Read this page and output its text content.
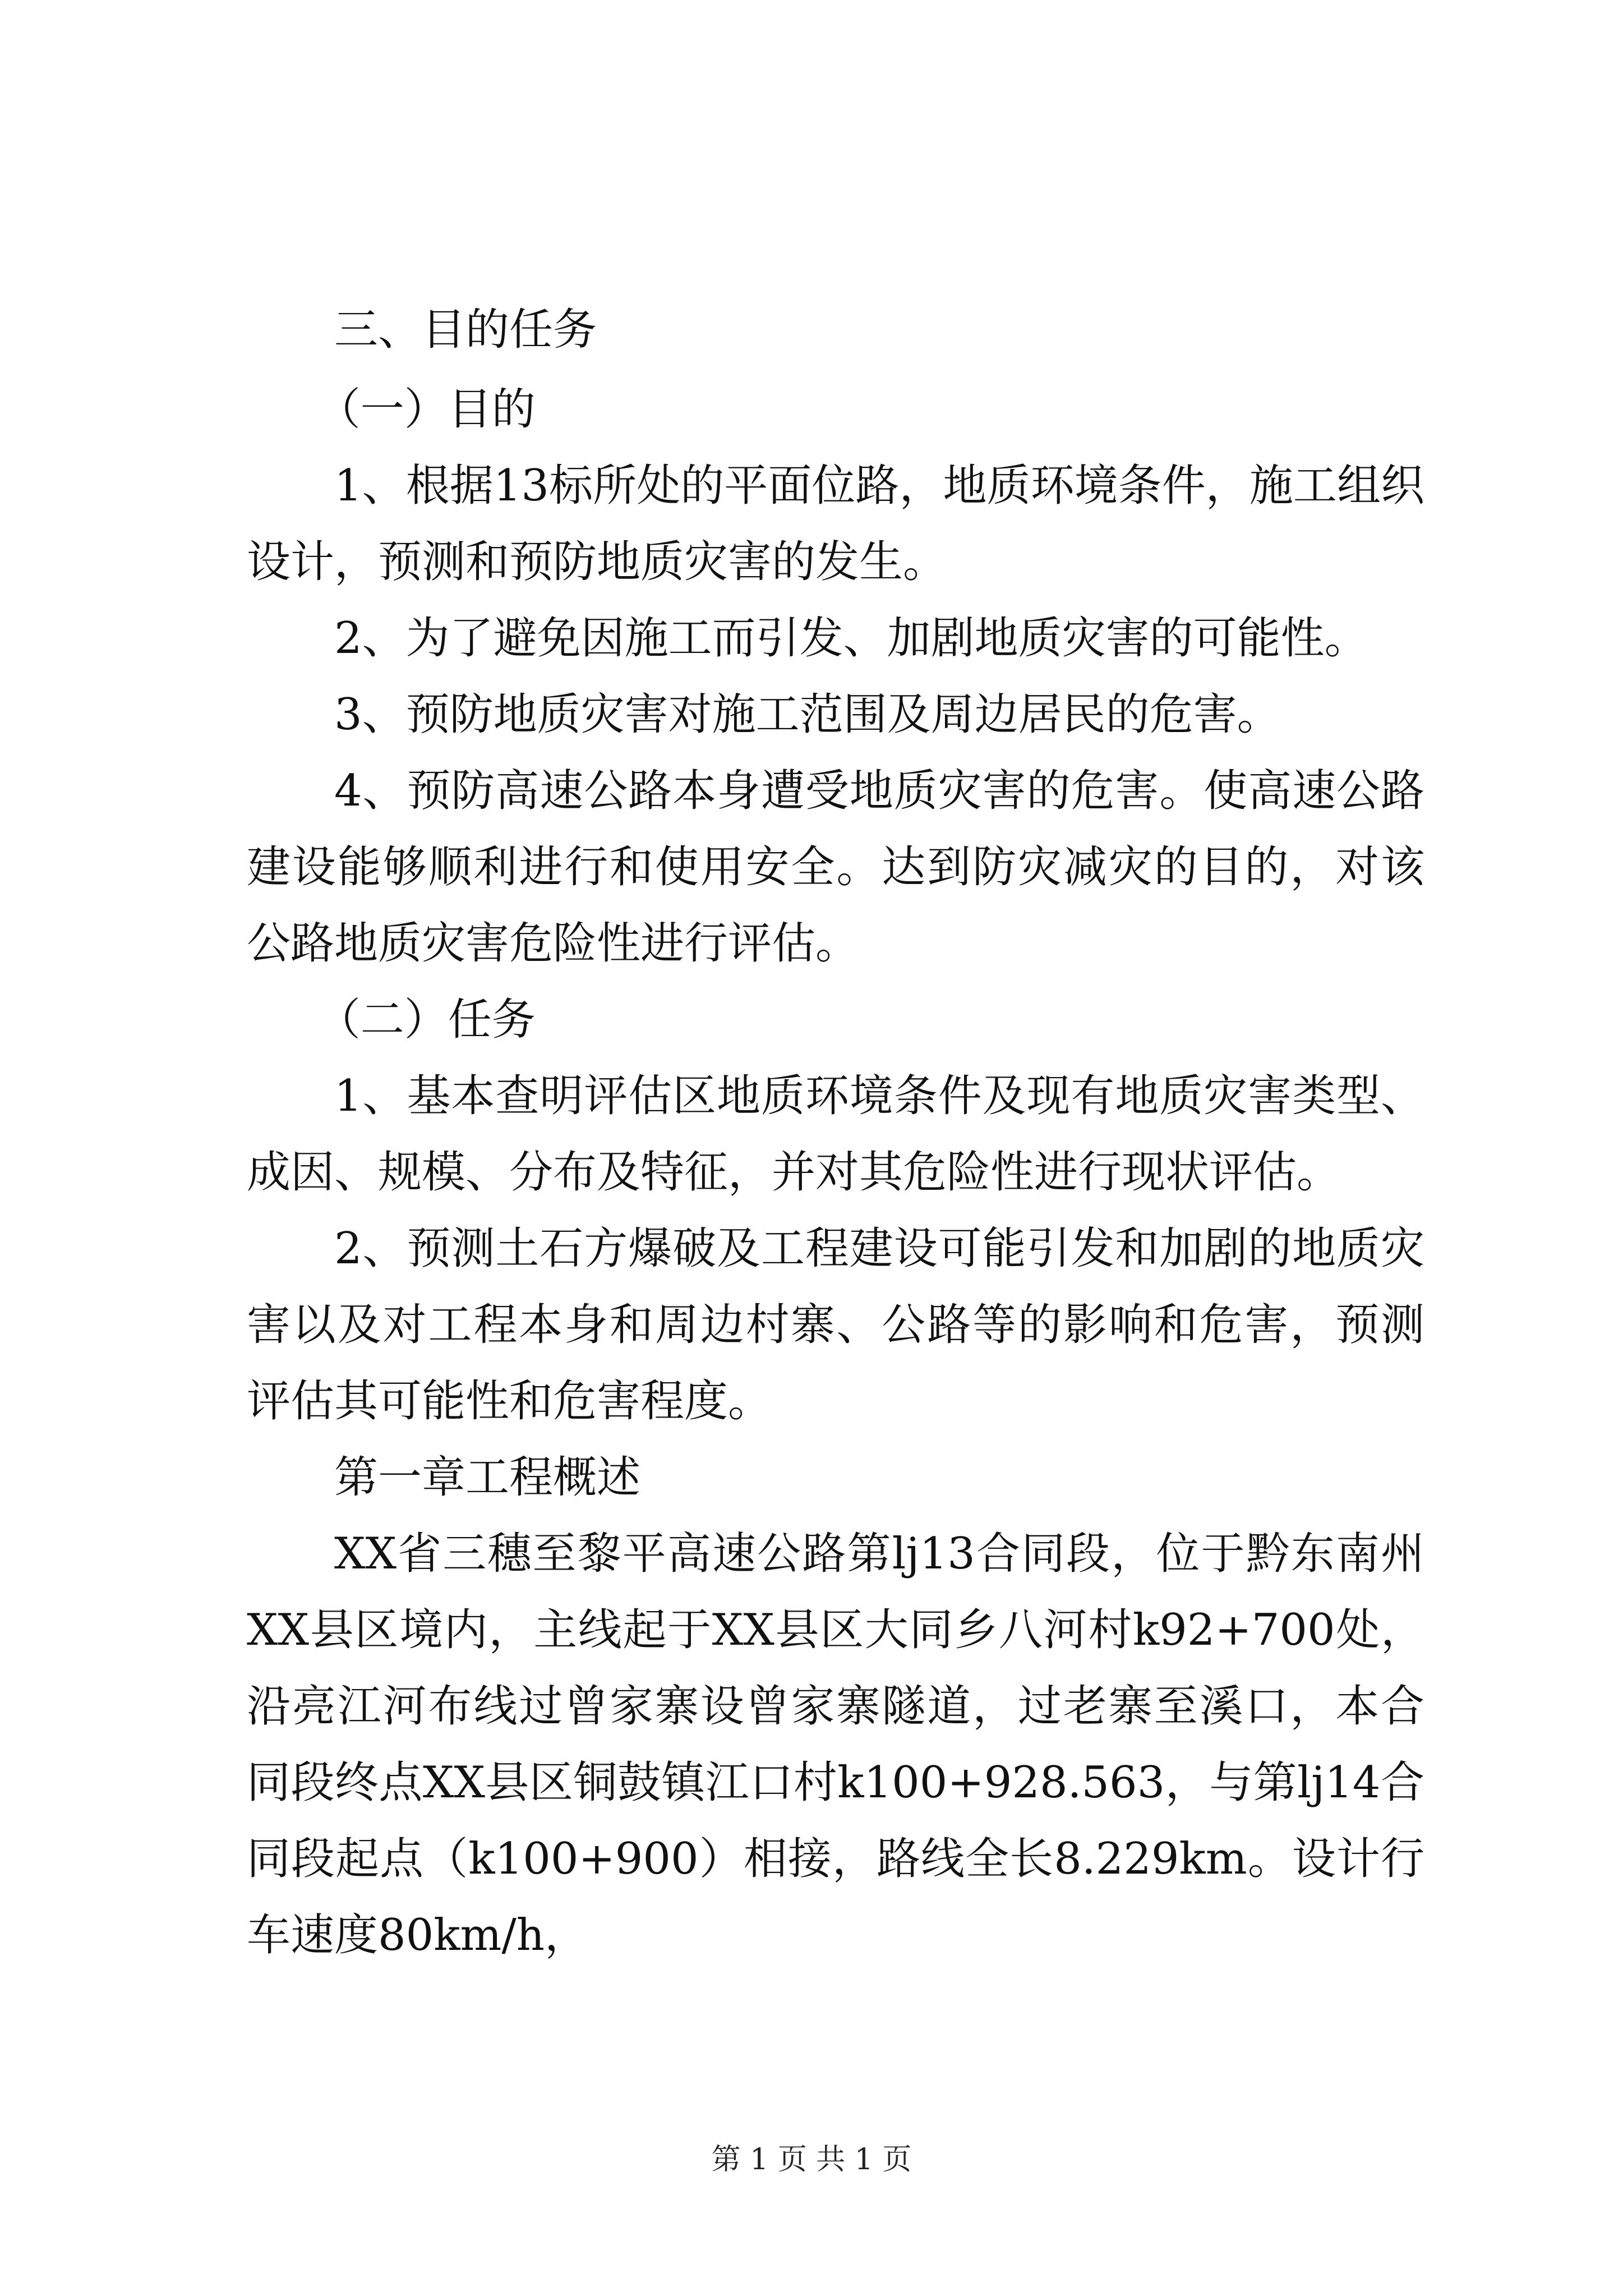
三、目的任务

（一）目的

1、根据13标所处的平面位路，地质环境条件，施工组织设计，预测和预防地质灾害的发生。

2、为了避免因施工而引发、加剧地质灾害的可能性。

3、预防地质灾害对施工范围及周边居民的危害。

4、预防高速公路本身遭受地质灾害的危害。使高速公路建设能够顺利进行和使用安全。达到防灾减灾的目的，对该公路地质灾害危险性进行评估。

（二）任务

1、基本查明评估区地质环境条件及现有地质灾害类型、成因、规模、分布及特征，并对其危险性进行现状评估。

2、预测土石方爆破及工程建设可能引发和加剧的地质灾害以及对工程本身和周边村寨、公路等的影响和危害，预测评估其可能性和危害程度。

第一章工程概述

XX省三穗至黎平高速公路第lj13合同段，位于黔东南州XX县区境内，主线起于XX县区大同乡八河村k92+700处，沿亮江河布线过曾家寨设曾家寨隧道，过老寨至溪口，本合同段终点XX县区铜鼓镇江口村k100+928.563，与第lj14合同段起点（k100+900）相接，路线全长8.229km。设计行车速度80km/h，

第 1 页 共 1 页
